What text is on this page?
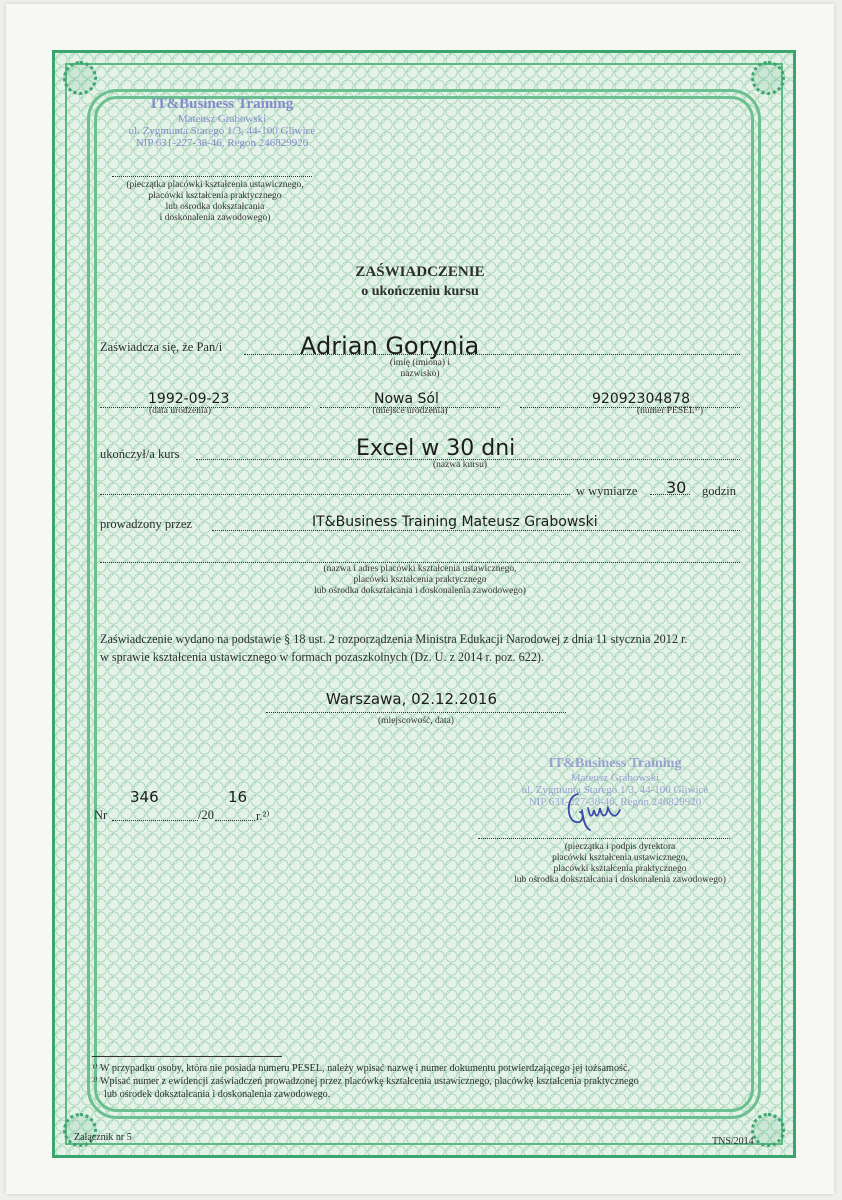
IT&Business Training
Mateusz Grabowski
ul. Zygmunta Starego 1/3, 44-100 Gliwice
NIP 631-227-38-46, Regon 246829920
(pieczątka placówki kształcenia ustawicznego,
placówki kształcenia praktycznego
lub ośrodka dokształcania
i doskonalenia zawodowego)
ZAŚWIADCZENIE
o ukończeniu kursu
Zaświadcza się, że Pan/i	Adrian Gorynia
(imię (imiona) i nazwisko)
1992-09-23
(data urodzenia)
Nowa Sól
(miejsce urodzenia)
92092304878
(numer PESEL¹⁾)
ukończył/a kurs	Excel w 30 dni
(nazwa kursu)
w wymiarze 30 godzin
prowadzony przez	IT&Business Training Mateusz Grabowski
(nazwa i adres placówki kształcenia ustawicznego,
placówki kształcenia praktycznego
lub ośrodka dokształcania i doskonalenia zawodowego)
Zaświadczenie wydano na podstawie § 18 ust. 2 rozporządzenia Ministra Edukacji Narodowej z dnia 11 stycznia 2012 r.
w sprawie kształcenia ustawicznego w formach pozaszkolnych (Dz. U. z 2014 r. poz. 622).
Warszawa, 02.12.2016
(miejscowość, data)
Nr
346
/20
16
r.²⁾
IT&Business Training
Mateusz Grabowski
ul. Zygmunta Starego 1/3, 44-100 Gliwice
NIP 631-227-38-46, Regon 246829920
(pieczątka i podpis dyrektora
placówki kształcenia ustawicznego,
placówki kształcenia praktycznego
lub ośrodka dokształcania i doskonalenia zawodowego)
¹⁾ W przypadku osoby, która nie posiada numeru PESEL, należy wpisać nazwę i numer dokumentu potwierdzającego jej tożsamość.
²⁾ Wpisać numer z ewidencji zaświadczeń prowadzonej przez placówkę kształcenia ustawicznego, placówkę kształcenia praktycznego
lub ośrodek dokształcania i doskonalenia zawodowego.
Załącznik nr 5	TNS/2014
